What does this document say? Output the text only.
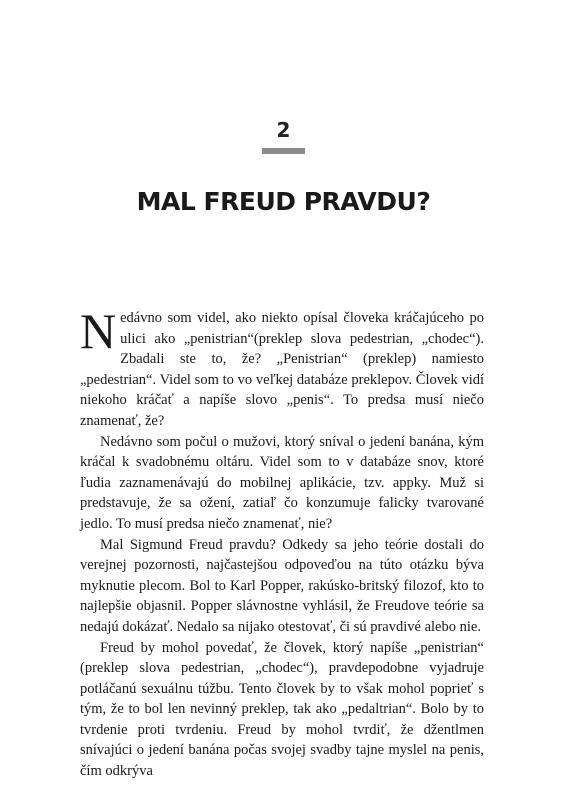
2
MAL FREUD PRAVDU?

Nedávno som videl, ako niekto opísal človeka kráčajúceho po ulici ako „penistrian“(preklep slova pedestrian, „chodec“). Zbadali ste to, že? „Penistrian“ (preklep) namiesto „pedestrian“. Videl som to vo veľkej databáze preklepov. Človek vidí niekoho kráčať a napíše slovo „penis“. To predsa musí niečo znamenať, že?

Nedávno som počul o mužovi, ktorý sníval o jedení banána, kým kráčal k svadobnému oltáru. Videl som to v databáze snov, ktoré ľudia zaznamenávajú do mobilnej aplikácie, tzv. appky. Muž si predstavuje, že sa ožení, zatiaľ čo konzumuje falicky tvarované jedlo. To musí predsa niečo znamenať, nie?

Mal Sigmund Freud pravdu? Odkedy sa jeho teórie dostali do verejnej pozornosti, najčastejšou odpoveďou na túto otázku býva myknutie plecom. Bol to Karl Popper, rakúsko-britský filozof, kto to najlepšie objasnil. Popper slávnostne vyhlásil, že Freudove teórie sa nedajú dokázať. Nedalo sa nijako otestovať, či sú pravdivé alebo nie.

Freud by mohol povedať, že človek, ktorý napíše „penistrian“ (preklep slova pedestrian, „chodec“), pravdepodobne vyjadruje potláčanú sexuálnu túžbu. Tento človek by to však mohol poprieť s tým, že to bol len nevinný preklep, tak ako „pedaltrian“. Bolo by to tvrdenie proti tvrdeniu. Freud by mohol tvrdiť, že džentlmen snívajúci o jedení banána počas svojej svadby tajne myslel na penis, čím odkrýva
